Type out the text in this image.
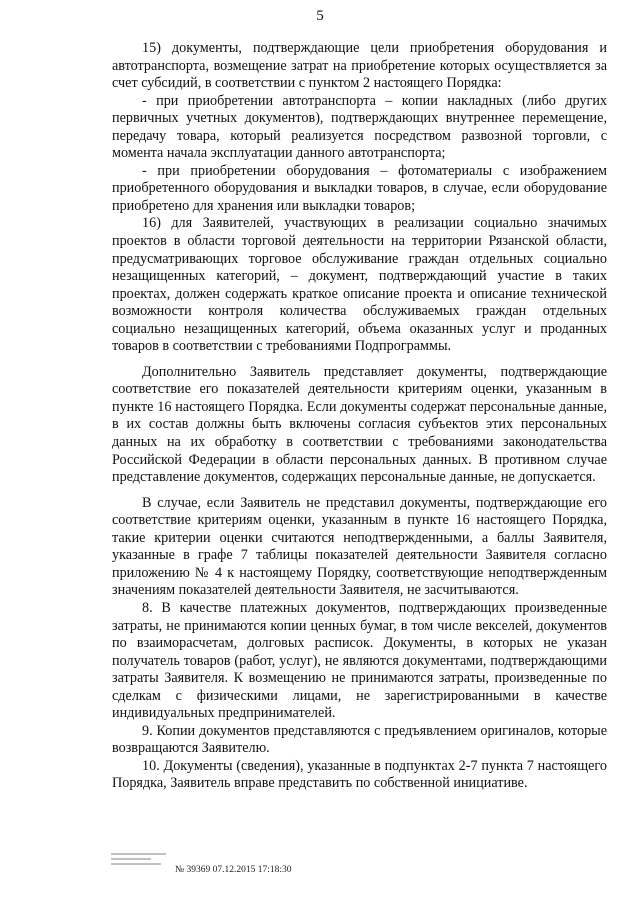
5

15) документы, подтверждающие цели приобретения оборудования и автотранспорта, возмещение затрат на приобретение которых осуществляется за счет субсидий, в соответствии с пунктом 2 настоящего Порядка:

- при приобретении автотранспорта – копии накладных (либо других первичных учетных документов), подтверждающих внутреннее перемещение, передачу товара, который реализуется посредством развозной торговли, с момента начала эксплуатации данного автотранспорта;

- при приобретении оборудования – фотоматериалы с изображением приобретенного оборудования и выкладки товаров, в случае, если оборудование приобретено для хранения или выкладки товаров;

16) для Заявителей, участвующих в реализации социально значимых проектов в области торговой деятельности на территории Рязанской области, предусматривающих торговое обслуживание граждан отдельных социально незащищенных категорий, – документ, подтверждающий участие в таких проектах, должен содержать краткое описание проекта и описание технической возможности контроля количества обслуживаемых граждан отдельных социально незащищенных категорий, объема оказанных услуг и проданных товаров в соответствии с требованиями Подпрограммы.

Дополнительно Заявитель представляет документы, подтверждающие соответствие его показателей деятельности критериям оценки, указанным в пункте 16 настоящего Порядка. Если документы содержат персональные данные, в их состав должны быть включены согласия субъектов этих персональных данных на их обработку в соответствии с требованиями законодательства Российской Федерации в области персональных данных. В противном случае представление документов, содержащих персональные данные, не допускается.

В случае, если Заявитель не представил документы, подтверждающие его соответствие критериям оценки, указанным в пункте 16 настоящего Порядка, такие критерии оценки считаются неподтвержденными, а баллы Заявителя, указанные в графе 7 таблицы показателей деятельности Заявителя согласно приложению № 4 к настоящему Порядку, соответствующие неподтвержденным значениям показателей деятельности Заявителя, не засчитываются.

8. В качестве платежных документов, подтверждающих произведенные затраты, не принимаются копии ценных бумаг, в том числе векселей, документов по взаиморасчетам, долговых расписок. Документы, в которых не указан получатель товаров (работ, услуг), не являются документами, подтверждающими затраты Заявителя. К возмещению не принимаются затраты, произведенные по сделкам с физическими лицами, не зарегистрированными в качестве индивидуальных предпринимателей.

9. Копии документов представляются с предъявлением оригиналов, которые возвращаются Заявителю.

10. Документы (сведения), указанные в подпунктах 2-7 пункта 7 настоящего Порядка, Заявитель вправе представить по собственной инициативе.

№ 39369 07.12.2015 17:18:30
